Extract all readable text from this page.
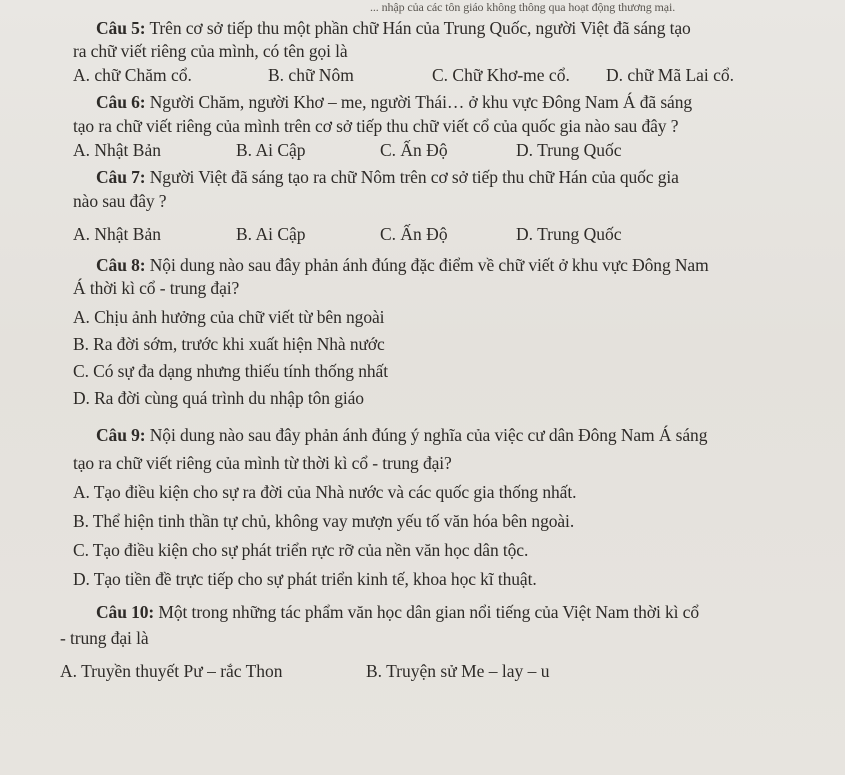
... nhập của các tôn giáo không thông qua hoạt động thương mại.
Câu 5: Trên cơ sở tiếp thu một phần chữ Hán của Trung Quốc, người Việt đã sáng tạo
ra chữ viết riêng của mình, có tên gọi là
A. chữ Chăm cổ.	B. chữ Nôm	C. Chữ Khơ-me cổ. D. chữ Mã Lai cổ.
Câu 6: Người Chăm, người Khơ – me, người Thái… ở khu vực Đông Nam Á đã sáng
tạo ra chữ viết riêng của mình trên cơ sở tiếp thu chữ viết cổ của quốc gia nào sau đây ?
A. Nhật Bản	B. Ai Cập	C. Ấn Độ	D. Trung Quốc
Câu 7: Người Việt đã sáng tạo ra chữ Nôm trên cơ sở tiếp thu chữ Hán của quốc gia
nào sau đây ?
A. Nhật Bản	B. Ai Cập	C. Ấn Độ	D. Trung Quốc
Câu 8: Nội dung nào sau đây phản ánh đúng đặc điểm về chữ viết ở khu vực Đông Nam
Á thời kì cổ - trung đại?
A. Chịu ảnh hưởng của chữ viết từ bên ngoài
B. Ra đời sớm, trước khi xuất hiện Nhà nước
C. Có sự đa dạng nhưng thiếu tính thống nhất
D. Ra đời cùng quá trình du nhập tôn giáo
Câu 9: Nội dung nào sau đây phản ánh đúng ý nghĩa của việc cư dân Đông Nam Á sáng
tạo ra chữ viết riêng của mình từ thời kì cổ - trung đại?
A. Tạo điều kiện cho sự ra đời của Nhà nước và các quốc gia thống nhất.
B. Thể hiện tinh thần tự chủ, không vay mượn yếu tố văn hóa bên ngoài.
C. Tạo điều kiện cho sự phát triển rực rỡ của nền văn học dân tộc.
D. Tạo tiền đề trực tiếp cho sự phát triển kinh tế, khoa học kĩ thuật.
Câu 10: Một trong những tác phẩm văn học dân gian nổi tiếng của Việt Nam thời kì cổ
- trung đại là
A. Truyền thuyết Pư – rắc Thon	B. Truyện sử Me – lay – u
